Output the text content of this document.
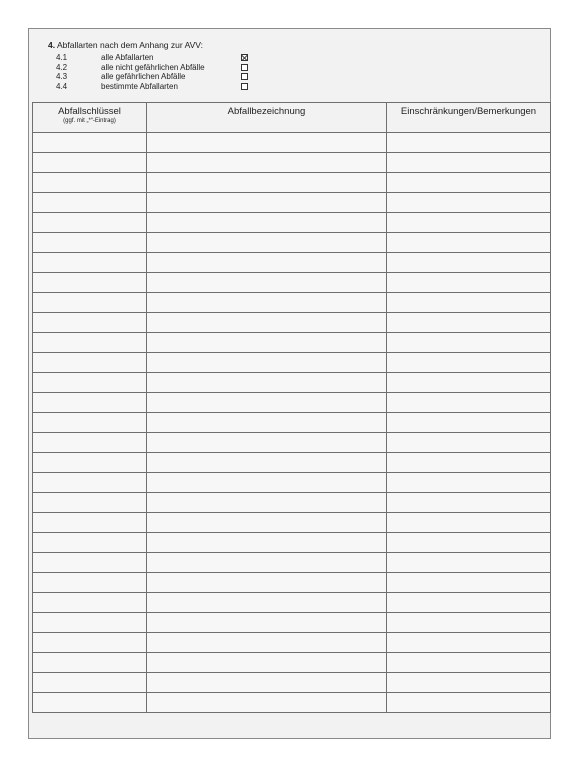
4. Abfallarten nach dem Anhang zur AVV:
4.1	alle Abfallarten
4.2	alle nicht gefährlichen Abfälle
4.3	alle gefährlichen Abfälle
4.4	bestimmte Abfallarten
Abfallschlüssel
(ggf. mit „*“-Eintrag)	Abfallbezeichnung	Einschränkungen/Bemerkungen
